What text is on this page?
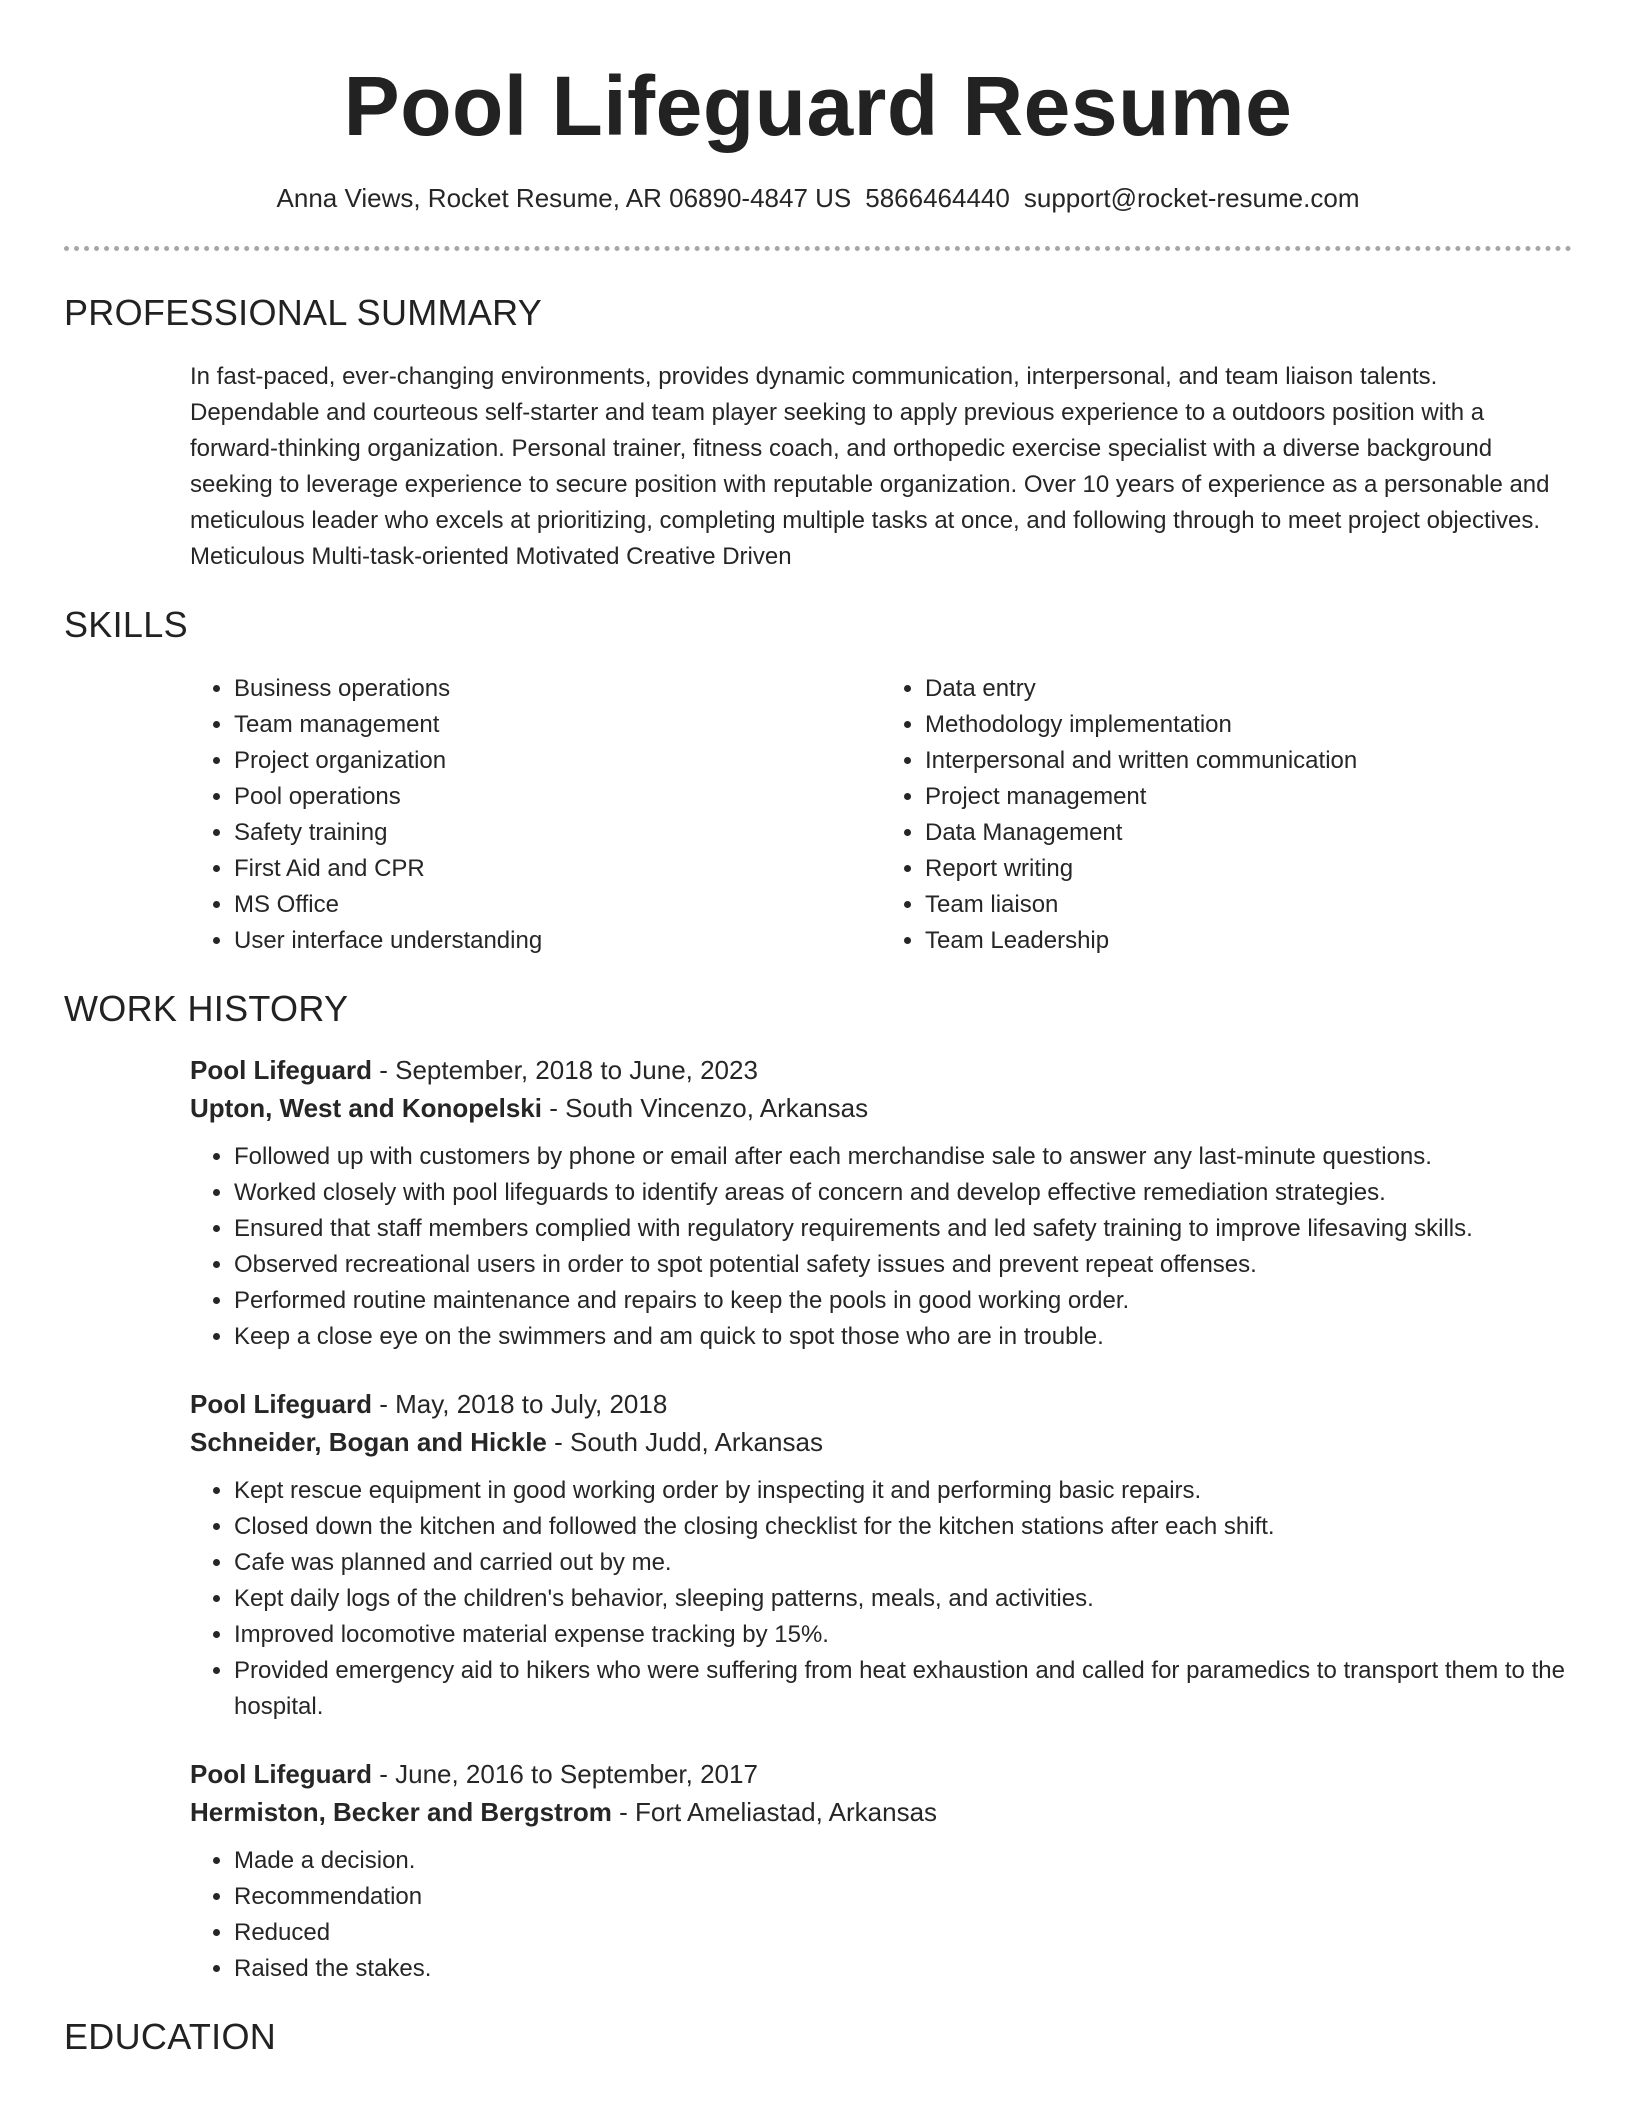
Pool Lifeguard Resume
Anna Views, Rocket Resume, AR 06890-4847 US 5866464440 support@rocket-resume.com
PROFESSIONAL SUMMARY

In fast-paced, ever-changing environments, provides dynamic communication, interpersonal, and team liaison talents. Dependable and courteous self-starter and team player seeking to apply previous experience to a outdoors position with a forward-thinking organization. Personal trainer, fitness coach, and orthopedic exercise specialist with a diverse background seeking to leverage experience to secure position with reputable organization. Over 10 years of experience as a personable and meticulous leader who excels at prioritizing, completing multiple tasks at once, and following through to meet project objectives. Meticulous Multi-task-oriented Motivated Creative Driven

SKILLS
• Business operations
• Team management
• Project organization
• Pool operations
• Safety training
• First Aid and CPR
• MS Office
• User interface understanding
• Data entry
• Methodology implementation
• Interpersonal and written communication
• Project management
• Data Management
• Report writing
• Team liaison
• Team Leadership
WORK HISTORY
Pool Lifeguard - September, 2018 to June, 2023
Upton, West and Konopelski - South Vincenzo, Arkansas
• Followed up with customers by phone or email after each merchandise sale to answer any last-minute questions.
• Worked closely with pool lifeguards to identify areas of concern and develop effective remediation strategies.
• Ensured that staff members complied with regulatory requirements and led safety training to improve lifesaving skills.
• Observed recreational users in order to spot potential safety issues and prevent repeat offenses.
• Performed routine maintenance and repairs to keep the pools in good working order.
• Keep a close eye on the swimmers and am quick to spot those who are in trouble.
Pool Lifeguard - May, 2018 to July, 2018
Schneider, Bogan and Hickle - South Judd, Arkansas
• Kept rescue equipment in good working order by inspecting it and performing basic repairs.
• Closed down the kitchen and followed the closing checklist for the kitchen stations after each shift.
• Cafe was planned and carried out by me.
• Kept daily logs of the children's behavior, sleeping patterns, meals, and activities.
• Improved locomotive material expense tracking by 15%.
• Provided emergency aid to hikers who were suffering from heat exhaustion and called for paramedics to transport them to the hospital.
Pool Lifeguard - June, 2016 to September, 2017
Hermiston, Becker and Bergstrom - Fort Ameliastad, Arkansas
• Made a decision.
• Recommendation
• Reduced
• Raised the stakes.
EDUCATION
